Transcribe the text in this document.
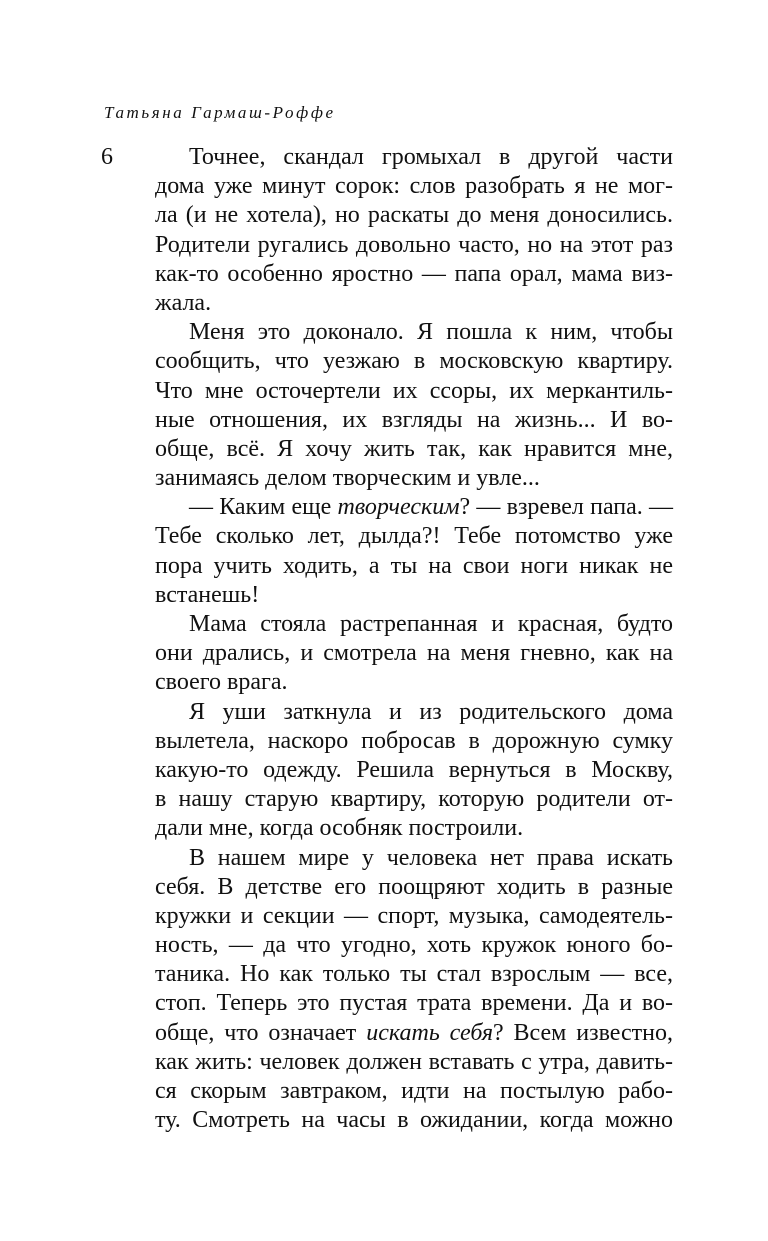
Татьяна Гармаш-Роффе
6	Точнее, скандал громыхал в другой части
дома уже минут сорок: слов разобрать я не мог-
ла (и не хотела), но раскаты до меня доносились.
Родители ругались довольно часто, но на этот раз
как-то особенно яростно — папа орал, мама виз-
жала.
Меня это доконало. Я пошла к ним, чтобы
сообщить, что уезжаю в московскую квартиру.
Что мне осточертели их ссоры, их меркантиль-
ные отношения, их взгляды на жизнь... И во-
обще, всё. Я хочу жить так, как нравится мне,
занимаясь делом творческим и увле...
— Каким еще творческим? — взревел папа. —
Тебе сколько лет, дылда?! Тебе потомство уже
пора учить ходить, а ты на свои ноги никак не
встанешь!
Мама стояла растрепанная и красная, будто
они дрались, и смотрела на меня гневно, как на
своего врага.
Я уши заткнула и из родительского дома
вылетела, наскоро побросав в дорожную сумку
какую-то одежду. Решила вернуться в Москву,
в нашу старую квартиру, которую родители от-
дали мне, когда особняк построили.
В нашем мире у человека нет права искать
себя. В детстве его поощряют ходить в разные
кружки и секции — спорт, музыка, самодеятель-
ность, — да что угодно, хоть кружок юного бо-
таника. Но как только ты стал взрослым — все,
стоп. Теперь это пустая трата времени. Да и во-
обще, что означает искать себя? Всем известно,
как жить: человек должен вставать с утра, давить-
ся скорым завтраком, идти на постылую рабо-
ту. Смотреть на часы в ожидании, когда можно
